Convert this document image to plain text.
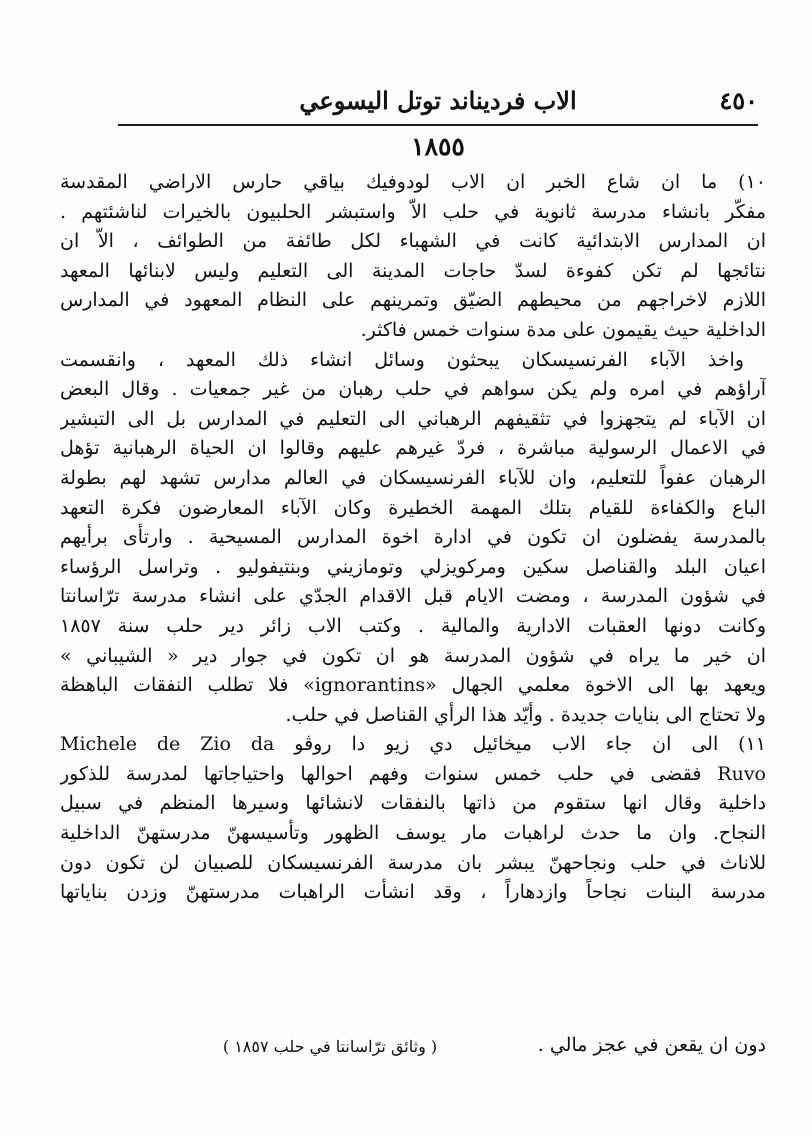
٤٥٠
الاب فرديناند توتل اليسوعي
١٨٥٥
١٠) ما ان شاع الخبر ان الاب لودوفيك بياقي حارس الاراضي المقدسة
مفكّر بانشاء مدرسة ثانوية في حلب الاّ واستبشر الحلبيون بالخيرات لناشئتهم .
ان المدارس الابتدائية كانت في الشهباء لكل طائفة من الطوائف ، الاّ ان
نتائجها لم تكن كفوءة لسدّ حاجات المدينة الى التعليم وليس لابنائها المعهد
اللازم لاخراجهم من محيطهم الضيّق وتمرينهم على النظام المعهود في المدارس
الداخلية حيث يقيمون على مدة سنوات خمس فاكثر.
واخذ الآباء الفرنسيسكان يبحثون وسائل انشاء ذلك المعهد ، وانقسمت
آراؤهم في امره ولم يكن سواهم في حلب رهبان من غير جمعيات . وقال البعض
ان الآباء لم يتجهزوا في تثقيفهم الرهباني الى التعليم في المدارس بل الى التبشير
في الاعمال الرسولية مباشرة ، فردّ غيرهم عليهم وقالوا ان الحياة الرهبانية تؤهل
الرهبان عفواً للتعليم، وان للآباء الفرنسيسكان في العالم مدارس تشهد لهم بطولة
الباع والكفاءة للقيام بتلك المهمة الخطيرة وكان الآباء المعارضون فكرة التعهد
بالمدرسة يفضلون ان تكون في ادارة اخوة المدارس المسيحية . وارتأى برأيهم
اعيان البلد والقناصل سكين ومركويزلي وتومازيني وبنتيفوليو . وتراسل الرؤساء
في شؤون المدرسة ، ومضت الايام قبل الاقدام الجدّي على انشاء مدرسة ترّاسانتا
وكانت دونها العقبات الادارية والمالية . وكتب الاب زائر دير حلب سنة ١٨٥٧
ان خير ما يراه في شؤون المدرسة هو ان تكون في جوار دير « الشيباني »
ويعهد بها الى الاخوة معلمي الجهال «ignorantins» فلا تطلب النفقات الباهظة
ولا تحتاج الى بنايات جديدة . وأيّد هذا الرأي القناصل في حلب.
١١) الى ان جاء الاب ميخائيل دي زيو دا روڤو Michele de Zio da
Ruvo فقضى في حلب خمس سنوات وفهم احوالها واحتياجاتها لمدرسة للذكور
داخلية وقال انها ستقوم من ذاتها بالنفقات لانشائها وسيرها المنظم في سبيل
النجاح. وان ما حدث لراهبات مار يوسف الظهور وتأسيسهنّ مدرستهنّ الداخلية
للاناث في حلب ونجاحهنّ يبشر بان مدرسة الفرنسيسكان للصبيان لن تكون دون
مدرسة البنات نجاحاً وازدهاراً ، وقد انشأت الراهبات مدرستهنّ وزدن بناياتها
دون ان يقعن في عجز مالي .
( وثائق ترّاسانتا في حلب ١٨٥٧ )
